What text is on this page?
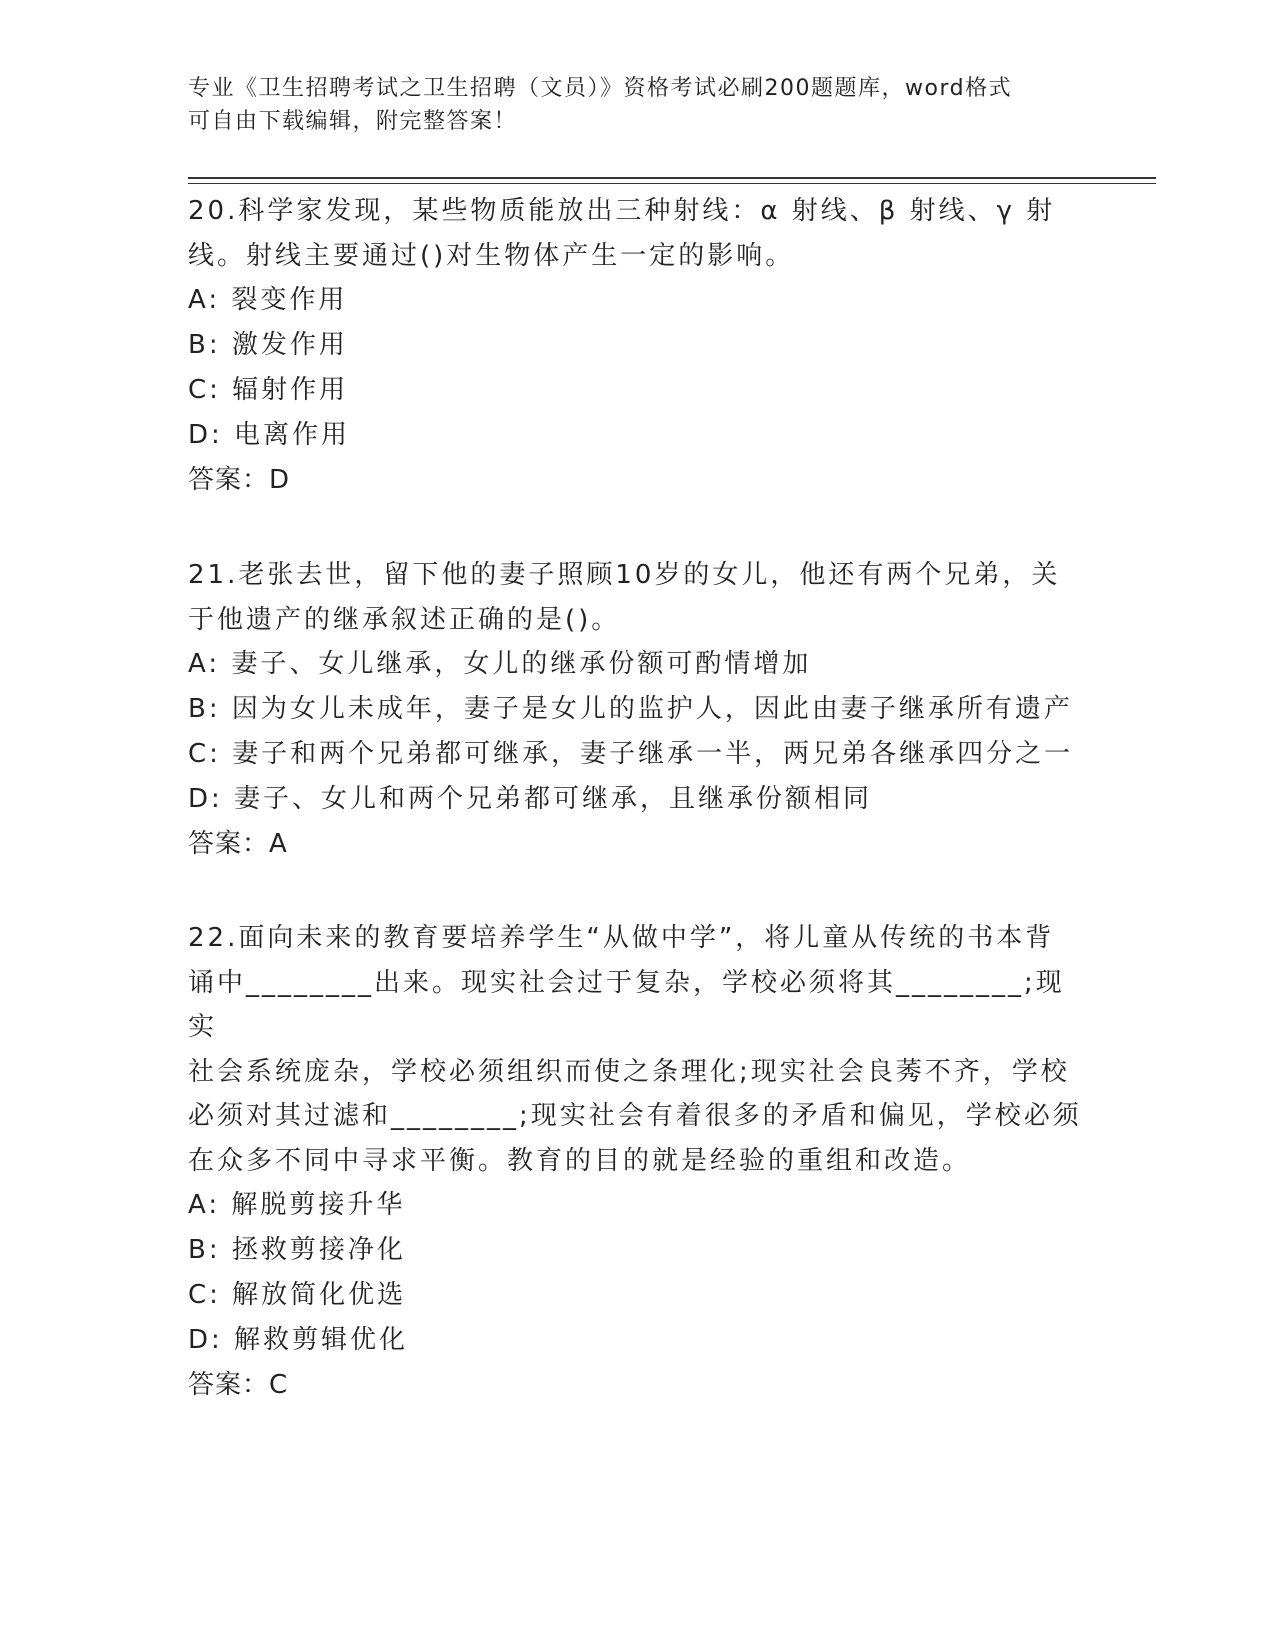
专业《卫生招聘考试之卫生招聘（文员）》资格考试必刷200题题库，word格式
可自由下载编辑，附完整答案！

20.科学家发现，某些物质能放出三种射线：α 射线、β 射线、γ 射

线。射线主要通过()对生物体产生一定的影响。

A: 裂变作用

B: 激发作用

C: 辐射作用

D: 电离作用

答案：D

21.老张去世，留下他的妻子照顾10岁的女儿，他还有两个兄弟，关

于他遗产的继承叙述正确的是()。

A: 妻子、女儿继承，女儿的继承份额可酌情增加

B: 因为女儿未成年，妻子是女儿的监护人，因此由妻子继承所有遗产

C: 妻子和两个兄弟都可继承，妻子继承一半，两兄弟各继承四分之一

D: 妻子、女儿和两个兄弟都可继承，且继承份额相同

答案：A

22.面向未来的教育要培养学生“从做中学”，将儿童从传统的书本背

诵中________出来。现实社会过于复杂，学校必须将其________;现实

社会系统庞杂，学校必须组织而使之条理化;现实社会良莠不齐，学校

必须对其过滤和________;现实社会有着很多的矛盾和偏见，学校必须

在众多不同中寻求平衡。教育的目的就是经验的重组和改造。

A: 解脱剪接升华

B: 拯救剪接净化

C: 解放简化优选

D: 解救剪辑优化

答案：C
